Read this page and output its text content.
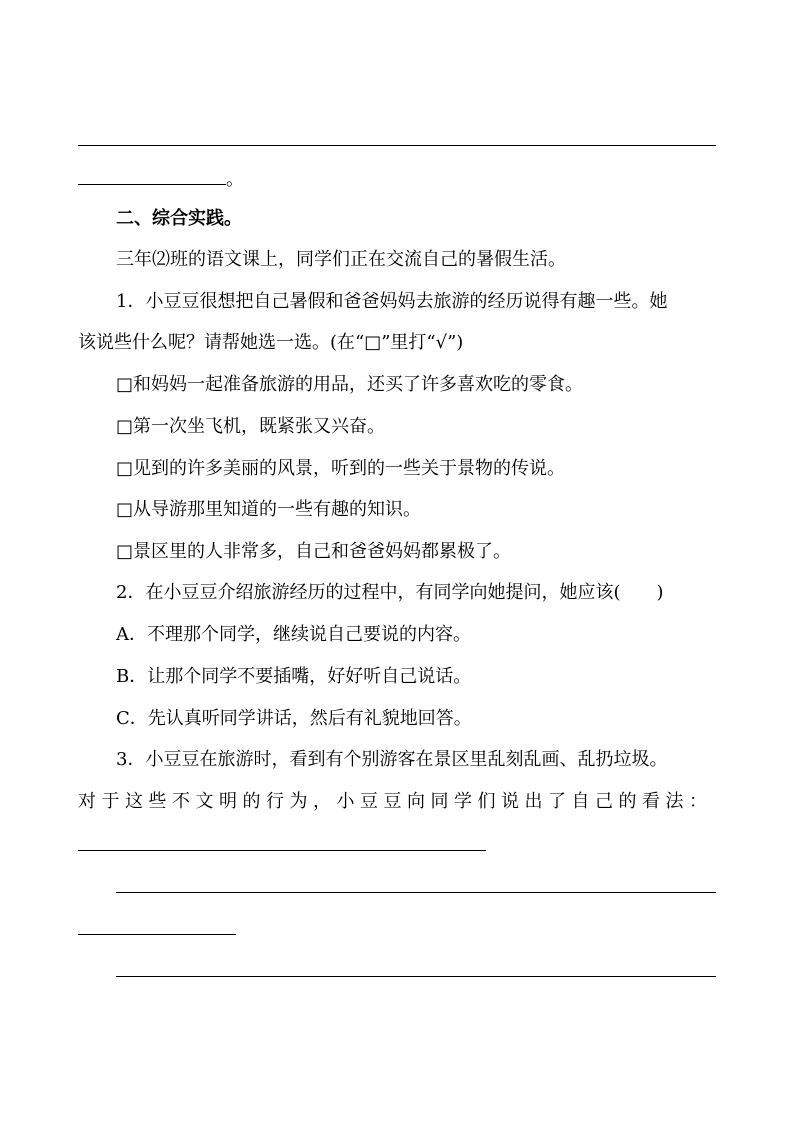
。
二、综合实践。
三年⑵班的语文课上，同学们正在交流自己的暑假生活。
1．小豆豆很想把自己暑假和爸爸妈妈去旅游的经历说得有趣一些。她
该说些什么呢？请帮她选一选。(在“□”里打“√”)
□和妈妈一起准备旅游的用品，还买了许多喜欢吃的零食。
□第一次坐飞机，既紧张又兴奋。
□见到的许多美丽的风景，听到的一些关于景物的传说。
□从导游那里知道的一些有趣的知识。
□景区里的人非常多，自己和爸爸妈妈都累极了。
2．在小豆豆介绍旅游经历的过程中，有同学向她提问，她应该(　　)
A．不理那个同学，继续说自己要说的内容。
B．让那个同学不要插嘴，好好听自己说话。
C．先认真听同学讲话，然后有礼貌地回答。
3．小豆豆在旅游时，看到有个别游客在景区里乱刻乱画、乱扔垃圾。
对于这些不文明的行为，小豆豆向同学们说出了自己的看法：
